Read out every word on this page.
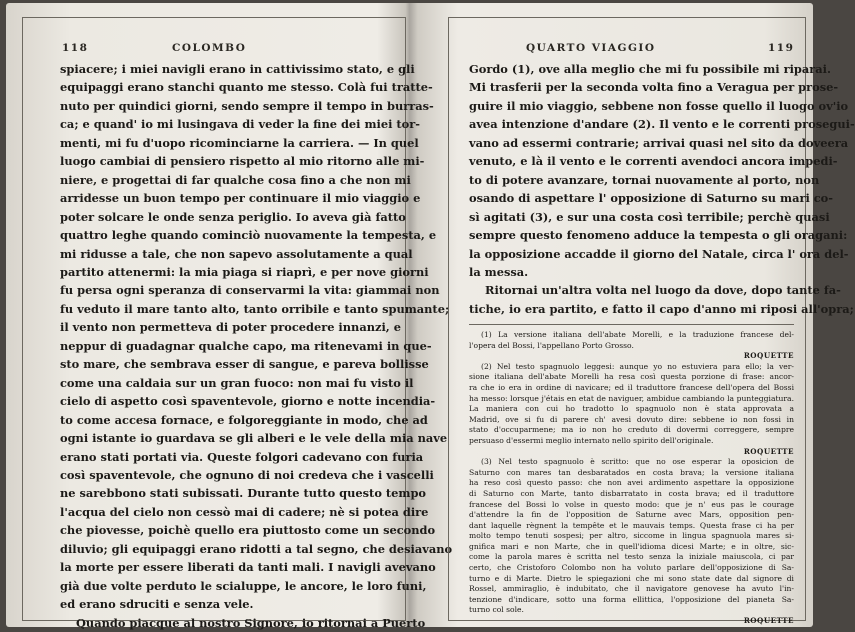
118	COLOMBO
spiacere; i miei navigli erano in cattivissimo stato, e gli
equipaggi erano stanchi quanto me stesso. Colà fui tratte-
nuto per quindici giorni, sendo sempre il tempo in burras-
ca; e quand' io mi lusingava di veder la fine dei miei tor-
menti, mi fu d'uopo ricominciarne la carriera. — In quel
luogo cambiai di pensiero rispetto al mio ritorno alle mi-
niere, e progettai di far qualche cosa fino a che non mi
arridesse un buon tempo per continuare il mio viaggio e
poter solcare le onde senza periglio. Io aveva già fatto
quattro leghe quando cominciò nuovamente la tempesta, e
mi ridusse a tale, che non sapevo assolutamente a qual
partito attenermi: la mia piaga si riaprì, e per nove giorni
fu persa ogni speranza di conservarmi la vita: giammai non
fu veduto il mare tanto alto, tanto orribile e tanto spumante;
il vento non permetteva di poter procedere innanzi, e
neppur di guadagnar qualche capo, ma ritenevami in que-
sto mare, che sembrava esser di sangue, e pareva bollisse
come una caldaia sur un gran fuoco: non mai fu visto il
cielo di aspetto così spaventevole, giorno e notte incendia-
to come accesa fornace, e folgoreggiante in modo, che ad
ogni istante io guardava se gli alberi e le vele della mia nave
erano stati portati via. Queste folgori cadevano con furia
così spaventevole, che ognuno di noi credeva che i vascelli
ne sarebbono stati subissati. Durante tutto questo tempo
l'acqua del cielo non cessò mai di cadere; nè si potea dire
che piovesse, poichè quello era piuttosto come un secondo
diluvio; gli equipaggi erano ridotti a tal segno, che desiavano
la morte per essere liberati da tanti mali. I navigli avevano
già due volte perduto le scialuppe, le ancore, le loro funi,
ed erano sdruciti e senza vele.
Quando piacque al nostro Signore, io ritornai a Puerto
QUARTO VIAGGIO	119
Gordo (1), ove alla meglio che mi fu possibile mi riparai.
Mi trasferii per la seconda volta fino a Veragua per prose-
guire il mio viaggio, sebbene non fosse quello il luogo ov'io
avea intenzione d'andare (2). Il vento e le correnti prosegui-
vano ad essermi contrarie; arrivai quasi nel sito da doveera
venuto, e là il vento e le correnti avendoci ancora impedi-
to di potere avanzare, tornai nuovamente al porto, non
osando di aspettare l' opposizione di Saturno su mari co-
sì agitati (3), e sur una costa così terribile; perchè quasi
sempre questo fenomeno adduce la tempesta o gli oragani:
la opposizione accadde il giorno del Natale, circa l' ora del-
la messa.
Ritornai un'altra volta nel luogo da dove, dopo tante fa-
tiche, io era partito, e fatto il capo d'anno mi riposi all'opra;
(1) La versione italiana dell'abate Morelli, e la traduzione francese del-
l'opera del Bossi, l'appellano Porto Grosso.
ROQUETTE
(2) Nel testo spagnuolo leggesi: aunque yo no estuviera para ello; la ver-
sione italiana dell'abate Morelli ha resa così questa porzione di frase: ancor-
ra che io era in ordine di navicare; ed il traduttore francese dell'opera del Bossi
ha messo: lorsque j'étais en etat de naviguer, ambidue cambiando la punteggiatura.
La maniera con cui ho tradotto lo spagnuolo non è stata approvata a
Madrid, ove si fu di parere ch' avesi dovuto dire: sebbene io non fossi in
stato d'occuparmene; ma io non ho creduto di dovermi correggere, sempre
persuaso d'essermi meglio internato nello spirito dell'originale.
ROQUETTE
(3) Nel testo spagnuolo è scritto: que no ose esperar la oposicion de
Saturno con mares tan desbaratados en costa brava; la versione italiana
ha reso così questo passo: che non avei ardimento aspettare la opposizione
di Saturno con Marte, tanto disbarratato in costa brava; ed il traduttore
francese del Bossi lo volse in questo modo: que je n' eus pas le courage
d'attendre la fin de l'opposition de Saturne avec Mars, opposition pen-
dant laquelle règnent la tempête et le mauvais temps. Questa frase ci ha per
molto tempo tenuti sospesi; per altro, siccome in lingua spagnuola mares si-
gnifica mari e non Marte, che in quell'idioma dicesi Marte; e in oltre, sic-
come la parola mares è scritta nel testo senza la iniziale maiuscola, ci par
certo, che Cristoforo Colombo non ha voluto parlare dell'opposizione di Sa-
turno e di Marte. Dietro le spiegazioni che mi sono state date dal signore di
Rossel, ammiraglio, è indubitato, che il navigatore genovese ha avuto l'in-
tenzione d'indicare, sotto una forma ellittica, l'opposizione del pianeta Sa-
turno col sole.
ROQUETTE
